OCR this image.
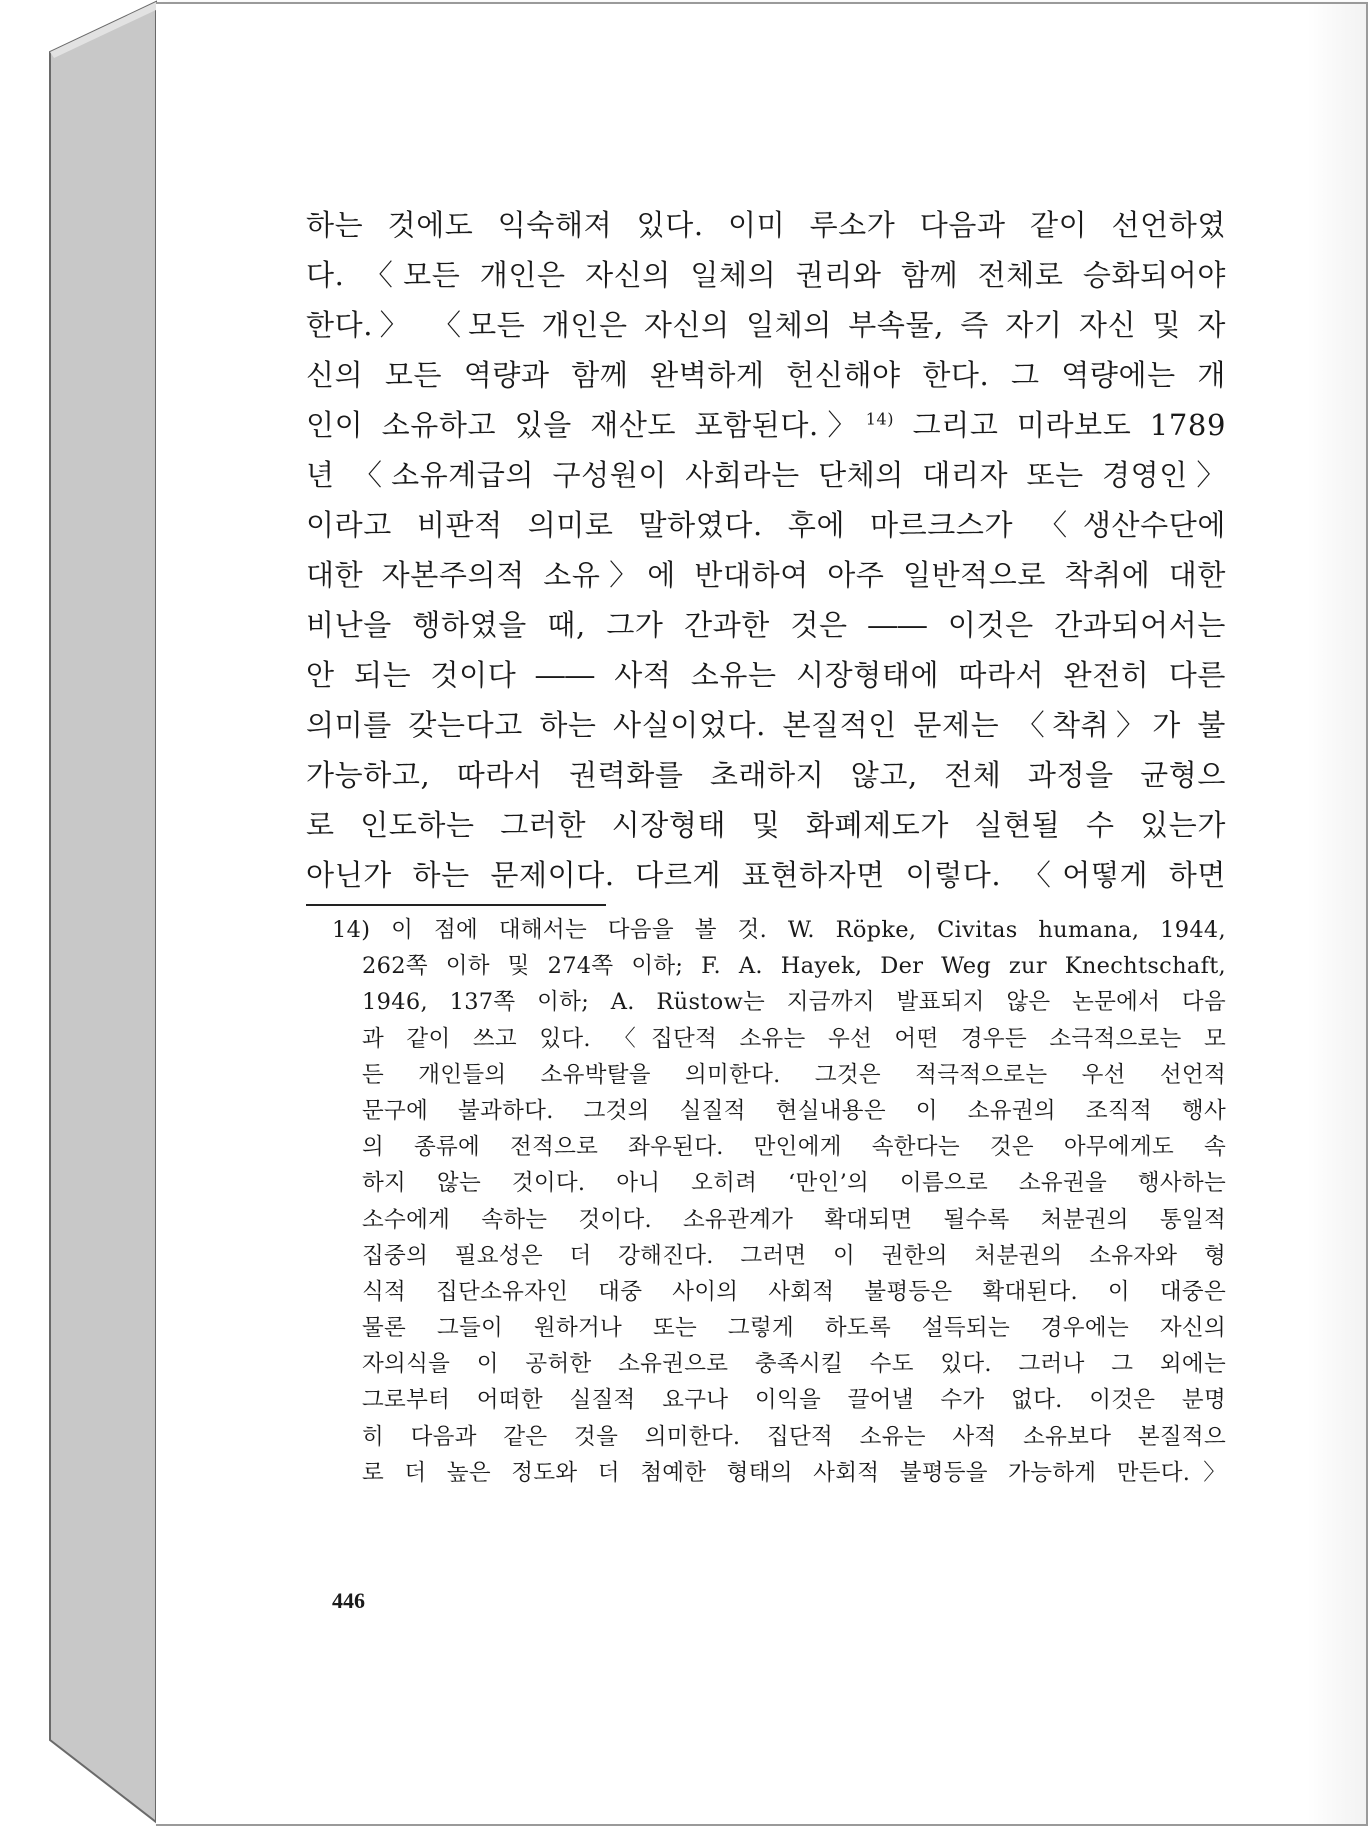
하는 것에도 익숙해져 있다. 이미 루소가 다음과 같이 선언하였
다. 〈모든 개인은 자신의 일체의 권리와 함께 전체로 승화되어야
한다.〉 〈모든 개인은 자신의 일체의 부속물, 즉 자기 자신 및 자
신의 모든 역량과 함께 완벽하게 헌신해야 한다. 그 역량에는 개
인이 소유하고 있을 재산도 포함된다.〉$^{14)}$ 그리고 미라보도 1789
년 〈소유계급의 구성원이 사회라는 단체의 대리자 또는 경영인〉
이라고 비판적 의미로 말하였다. 후에 마르크스가 〈생산수단에
대한 자본주의적 소유〉에 반대하여 아주 일반적으로 착취에 대한
비난을 행하였을 때, 그가 간과한 것은 ―― 이것은 간과되어서는
안 되는 것이다 ―― 사적 소유는 시장형태에 따라서 완전히 다른
의미를 갖는다고 하는 사실이었다. 본질적인 문제는 〈착취〉가 불
가능하고, 따라서 권력화를 초래하지 않고, 전체 과정을 균형으
로 인도하는 그러한 시장형태 및 화폐제도가 실현될 수 있는가
아닌가 하는 문제이다. 다르게 표현하자면 이렇다. 〈어떻게 하면
14) 이 점에 대해서는 다음을 볼 것. W. Röpke, Civitas humana, 1944,
262쪽 이하 및 274쪽 이하; F. A. Hayek, Der Weg zur Knechtschaft,
1946, 137쪽 이하; A. Rüstow는 지금까지 발표되지 않은 논문에서 다음
과 같이 쓰고 있다. 〈집단적 소유는 우선 어떤 경우든 소극적으로는 모
든 개인들의 소유박탈을 의미한다. 그것은 적극적으로는 우선 선언적
문구에 불과하다. 그것의 실질적 현실내용은 이 소유권의 조직적 행사
의 종류에 전적으로 좌우된다. 만인에게 속한다는 것은 아무에게도 속
하지 않는 것이다. 아니 오히려 ‘만인’의 이름으로 소유권을 행사하는
소수에게 속하는 것이다. 소유관계가 확대되면 될수록 처분권의 통일적
집중의 필요성은 더 강해진다. 그러면 이 권한의 처분권의 소유자와 형
식적 집단소유자인 대중 사이의 사회적 불평등은 확대된다. 이 대중은
물론 그들이 원하거나 또는 그렇게 하도록 설득되는 경우에는 자신의
자의식을 이 공허한 소유권으로 충족시킬 수도 있다. 그러나 그 외에는
그로부터 어떠한 실질적 요구나 이익을 끌어낼 수가 없다. 이것은 분명
히 다음과 같은 것을 의미한다. 집단적 소유는 사적 소유보다 본질적으
로 더 높은 정도와 더 첨예한 형태의 사회적 불평등을 가능하게 만든다.〉
446
